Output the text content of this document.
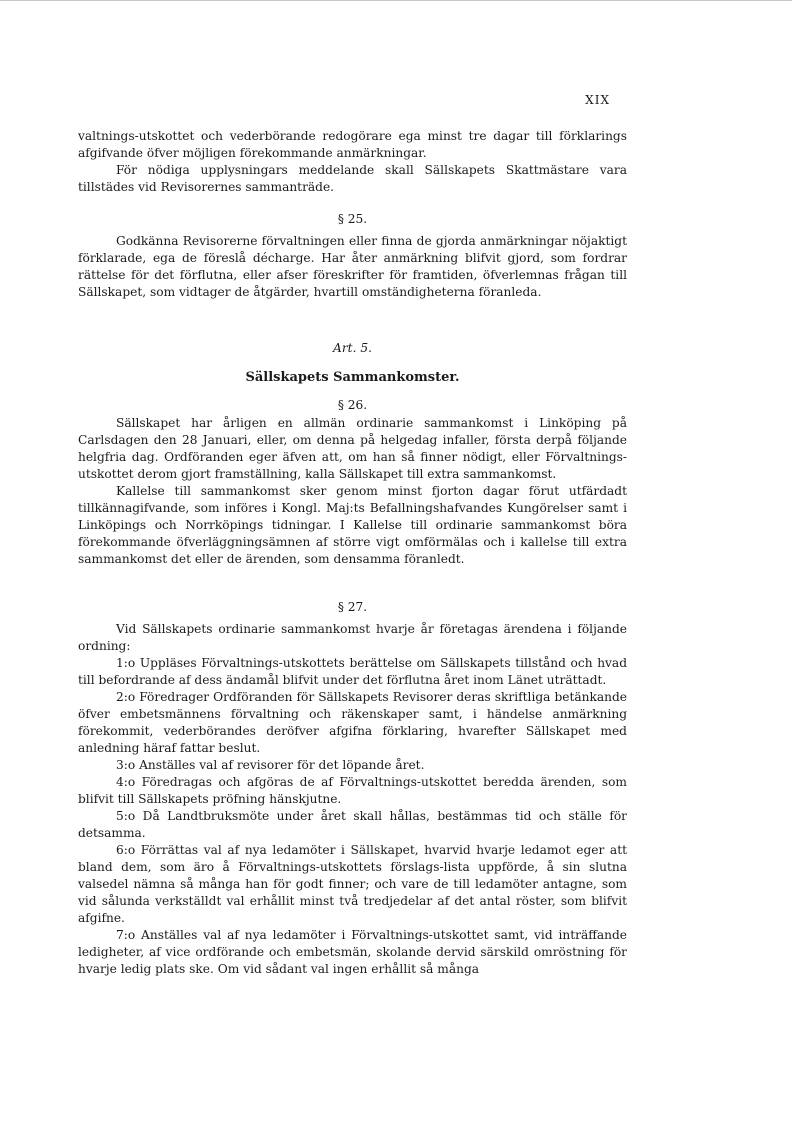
XIX

valtnings-utskottet och vederbörande redogörare ega minst tre dagar till förklarings afgifvande öfver möjligen förekommande anmärkningar.

För nödiga upplysningars meddelande skall Sällskapets Skattmästare vara tillstädes vid Revisorernes sammanträde.

§ 25.

Godkänna Revisorerne förvaltningen eller finna de gjorda anmärkningar nöjaktigt förklarade, ega de föreslå décharge. Har åter anmärkning blifvit gjord, som fordrar rättelse för det förflutna, eller afser föreskrifter för framtiden, öfverlemnas frågan till Sällskapet, som vidtager de åtgärder, hvartill omständigheterna föranleda.

Art. 5.

Sällskapets Sammankomster.

§ 26.

Sällskapet har årligen en allmän ordinarie sammankomst i Linköping på Carlsdagen den 28 Januari, eller, om denna på helgedag infaller, första derpå följande helgfria dag. Ordföranden eger äfven att, om han så finner nödigt, eller Förvaltnings-utskottet derom gjort framställning, kalla Sällskapet till extra sammankomst.

Kallelse till sammankomst sker genom minst fjorton dagar förut utfärdadt tillkännagifvande, som införes i Kongl. Maj:ts Befallningshafvandes Kungörelser samt i Linköpings och Norrköpings tidningar. I Kallelse till ordinarie sammankomst böra förekommande öfverläggningsämnen af större vigt omförmälas och i kallelse till extra sammankomst det eller de ärenden, som densamma föranledt.

§ 27.

Vid Sällskapets ordinarie sammankomst hvarje år företagas ärendena i följande ordning:

1:o Uppläses Förvaltnings-utskottets berättelse om Sällskapets tillstånd och hvad till befordrande af dess ändamål blifvit under det förflutna året inom Länet uträttadt.

2:o Föredrager Ordföranden för Sällskapets Revisorer deras skriftliga betänkande öfver embetsmännens förvaltning och räkenskaper samt, i händelse anmärkning förekommit, vederbörandes deröfver afgifna förklaring, hvarefter Sällskapet med anledning häraf fattar beslut.

3:o Anställes val af revisorer för det löpande året.

4:o Föredragas och afgöras de af Förvaltnings-utskottet beredda ärenden, som blifvit till Sällskapets pröfning hänskjutne.

5:o Då Landtbruksmöte under året skall hållas, bestämmas tid och ställe för detsamma.

6:o Förrättas val af nya ledamöter i Sällskapet, hvarvid hvarje ledamot eger att bland dem, som äro å Förvaltnings-utskottets förslags-lista uppförde, å sin slutna valsedel nämna så många han för godt finner; och vare de till ledamöter antagne, som vid sålunda verkställdt val erhållit minst två tredjedelar af det antal röster, som blifvit afgifne.

7:o Anställes val af nya ledamöter i Förvaltnings-utskottet samt, vid inträffande ledigheter, af vice ordförande och embetsmän, skolande dervid särskild omröstning för hvarje ledig plats ske. Om vid sådant val ingen erhållit så många
